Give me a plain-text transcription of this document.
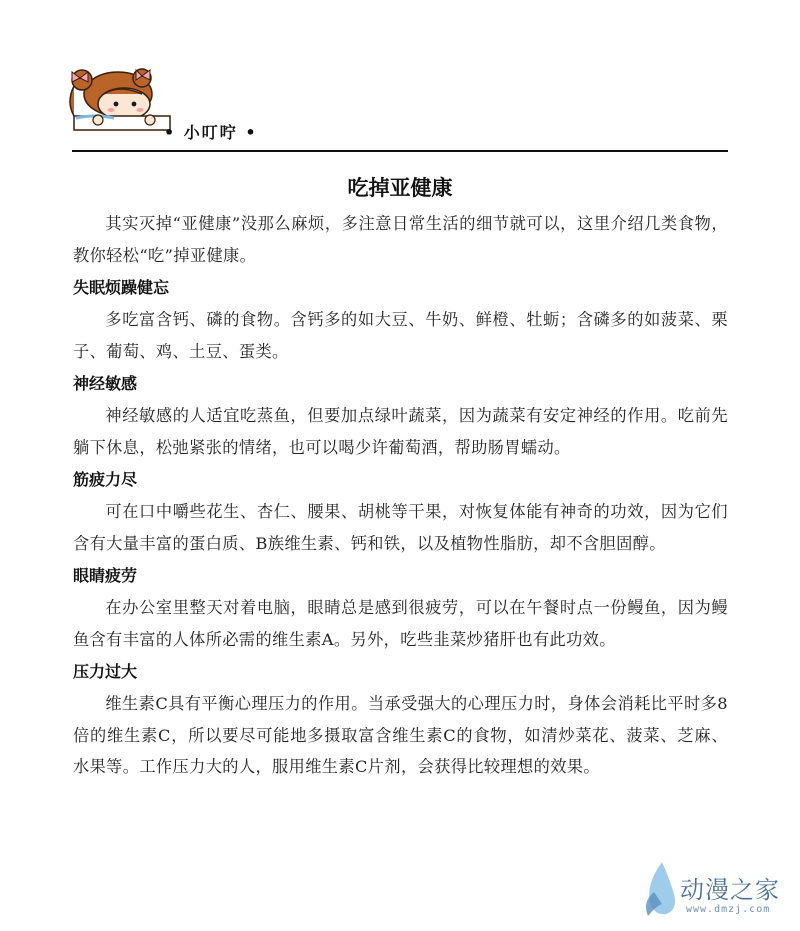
• 小叮咛 •
吃掉亚健康

其实灭掉“亚健康”没那么麻烦，多注意日常生活的细节就可以，这里介绍几类食物，教你轻松“吃”掉亚健康。

失眠烦躁健忘

多吃富含钙、磷的食物。含钙多的如大豆、牛奶、鲜橙、牡蛎；含磷多的如菠菜、栗子、葡萄、鸡、土豆、蛋类。

神经敏感

神经敏感的人适宜吃蒸鱼，但要加点绿叶蔬菜，因为蔬菜有安定神经的作用。吃前先躺下休息，松弛紧张的情绪，也可以喝少许葡萄酒，帮助肠胃蠕动。

筋疲力尽

可在口中嚼些花生、杏仁、腰果、胡桃等干果，对恢复体能有神奇的功效，因为它们含有大量丰富的蛋白质、B族维生素、钙和铁，以及植物性脂肪，却不含胆固醇。

眼睛疲劳

在办公室里整天对着电脑，眼睛总是感到很疲劳，可以在午餐时点一份鳗鱼，因为鳗鱼含有丰富的人体所必需的维生素A。另外，吃些韭菜炒猪肝也有此功效。

压力过大

维生素C具有平衡心理压力的作用。当承受强大的心理压力时，身体会消耗比平时多8倍的维生素C，所以要尽可能地多摄取富含维生素C的食物，如清炒菜花、菠菜、芝麻、水果等。工作压力大的人，服用维生素C片剂，会获得比较理想的效果。

动漫之家
www.dmzj.com
